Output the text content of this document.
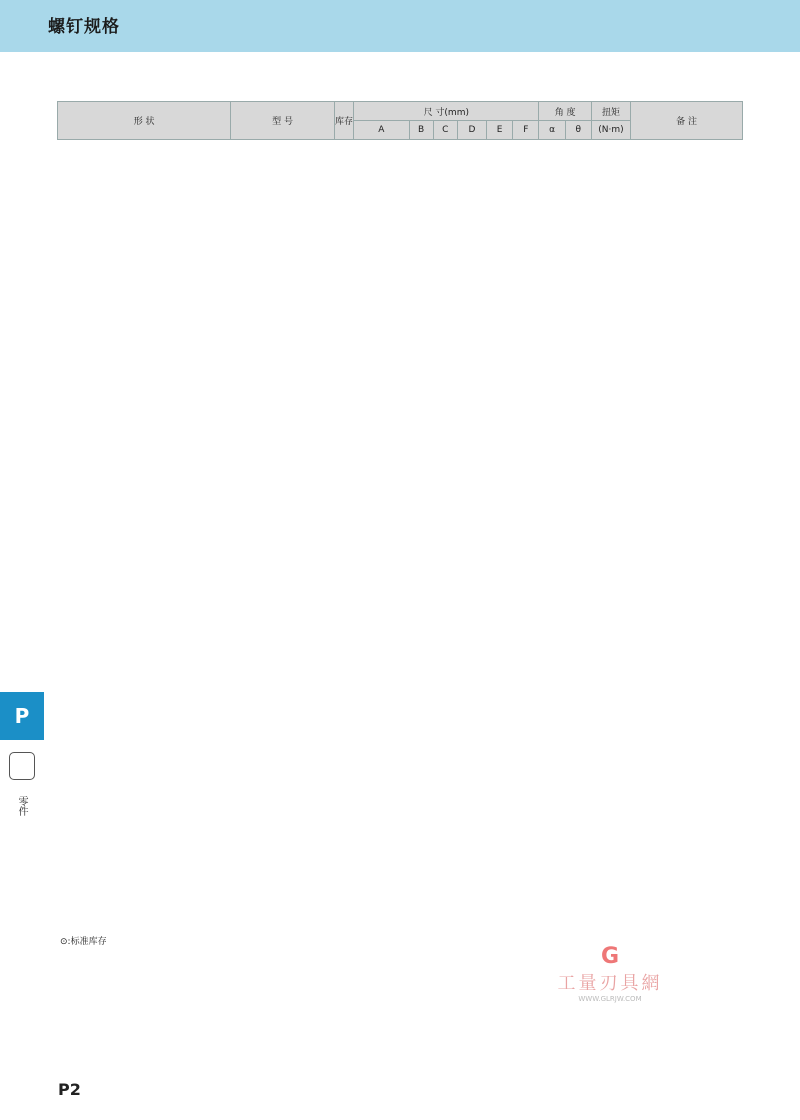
螺钉规格
形 状	型 号	库存	尺 寸(mm)						角 度		扭矩	备 注
			A	B	C	D	E	F	α	θ	(N·m)	
⊙:标准库存
G
工量刃具網
WWW.GLRJW.COM
P
零件
P2
